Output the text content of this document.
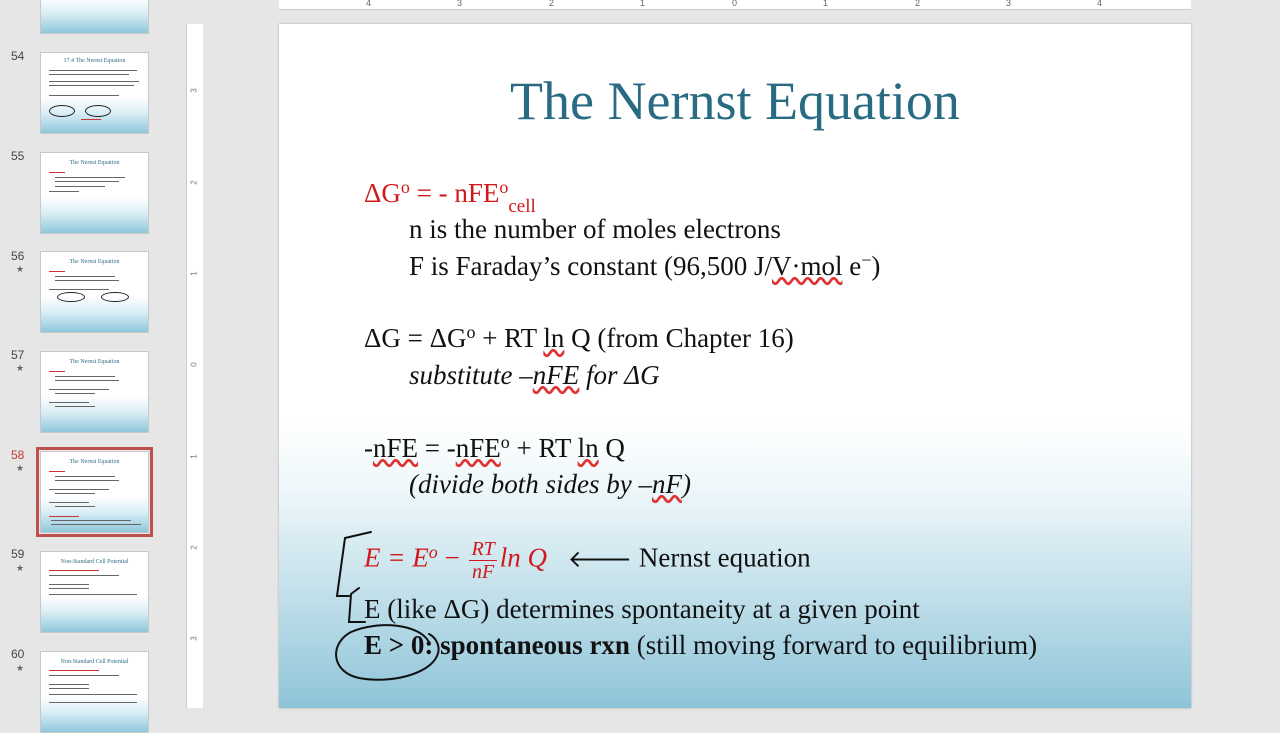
54	17.4 The Nernst Equation
55	The Nernst Equation
56
★
The Nernst Equation
57
★
The Nernst Equation
58
★
The Nernst Equation
59
★
Non-Standard Cell Potential
60
★
Non-Standard Cell Potential
4	3	2	1	0	1	2	3	4
3
2
1
0
1
2
3
The Nernst Equation
$\Delta G^o$ = - nFE$^o_{cell}$
n is the number of moles electrons
F is Faraday’s constant (96,500 J/V·mol e−)
$\Delta G = \Delta G^o$ + RT ln Q (from Chapter 16)
substitute –nFE for ΔG
-nFE = -nFE$^o$ + RT ln Q
(divide both sides by –nF)
$E = E^o - \frac{RT}{nF}$ ln Q 🡐 Nernst equation
E (like ΔG) determines spontaneity at a given point
E > 0: spontaneous rxn (still moving forward to equilibrium)
